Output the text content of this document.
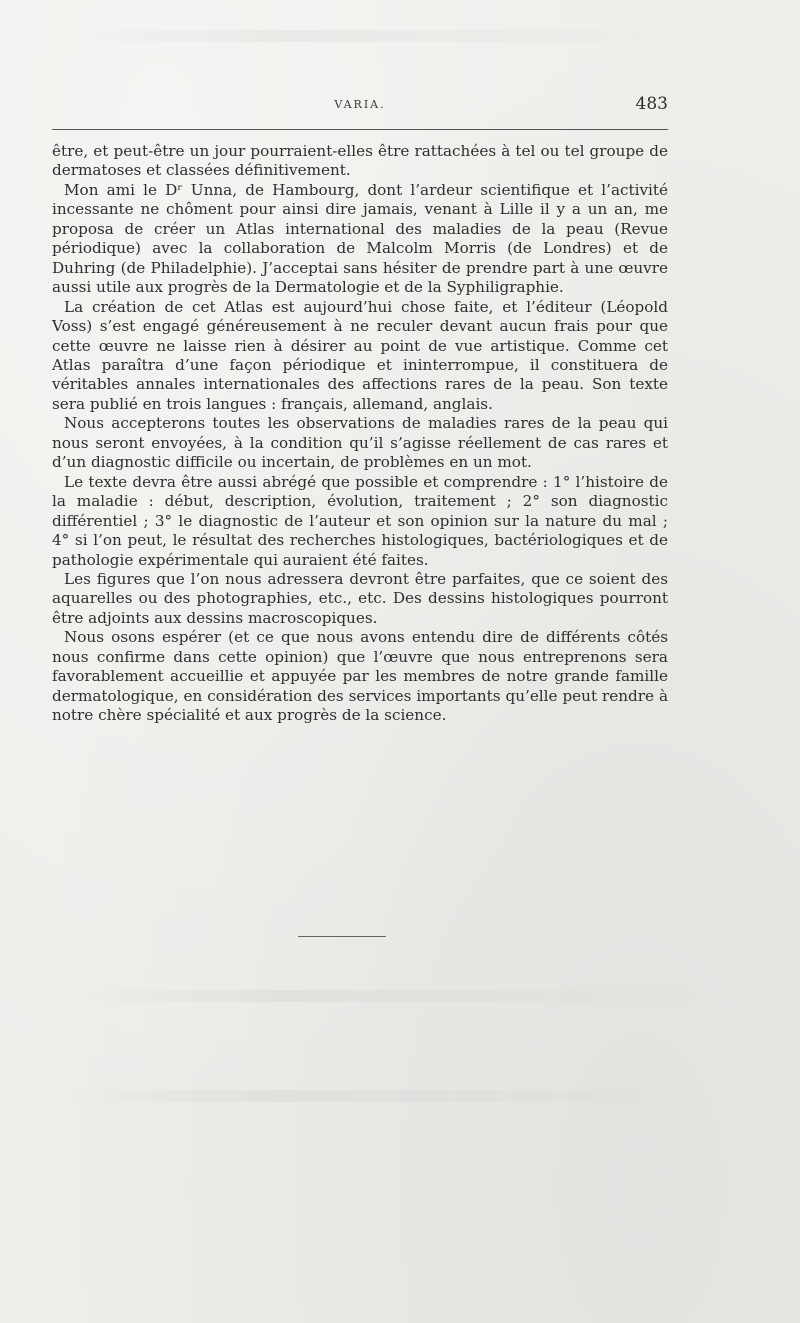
VARIA.	483

être, et peut-être un jour pourraient-elles être rattachées à tel ou tel groupe de dermatoses et classées définitivement.

Mon ami le Dʳ Unna, de Hambourg, dont l’ardeur scientifique et l’activité incessante ne chôment pour ainsi dire jamais, venant à Lille il y a un an, me proposa de créer un Atlas international des maladies de la peau (Revue périodique) avec la collaboration de Malcolm Morris (de Londres) et de Duhring (de Philadelphie). J’acceptai sans hésiter de prendre part à une œuvre aussi utile aux progrès de la Dermatologie et de la Syphiligraphie.

La création de cet Atlas est aujourd’hui chose faite, et l’éditeur (Léopold Voss) s’est engagé généreusement à ne reculer devant aucun frais pour que cette œuvre ne laisse rien à désirer au point de vue artistique. Comme cet Atlas paraîtra d’une façon périodique et ininterrompue, il constituera de véritables annales internationales des affections rares de la peau. Son texte sera publié en trois langues : français, allemand, anglais.

Nous accepterons toutes les observations de maladies rares de la peau qui nous seront envoyées, à la condition qu’il s’agisse réellement de cas rares et d’un diagnostic difficile ou incertain, de problèmes en un mot.

Le texte devra être aussi abrégé que possible et comprendre : 1° l’histoire de la maladie : début, description, évolution, traitement ; 2° son diagnostic différentiel ; 3° le diagnostic de l’auteur et son opinion sur la nature du mal ; 4° si l’on peut, le résultat des recherches histologiques, bactériologiques et de pathologie expérimentale qui auraient été faites.

Les figures que l’on nous adressera devront être parfaites, que ce soient des aquarelles ou des photographies, etc., etc. Des dessins histologiques pourront être adjoints aux dessins macroscopiques.

Nous osons espérer (et ce que nous avons entendu dire de différents côtés nous confirme dans cette opinion) que l’œuvre que nous entreprenons sera favorablement accueillie et appuyée par les membres de notre grande famille dermatologique, en considération des services importants qu’elle peut rendre à notre chère spécialité et aux progrès de la science.
